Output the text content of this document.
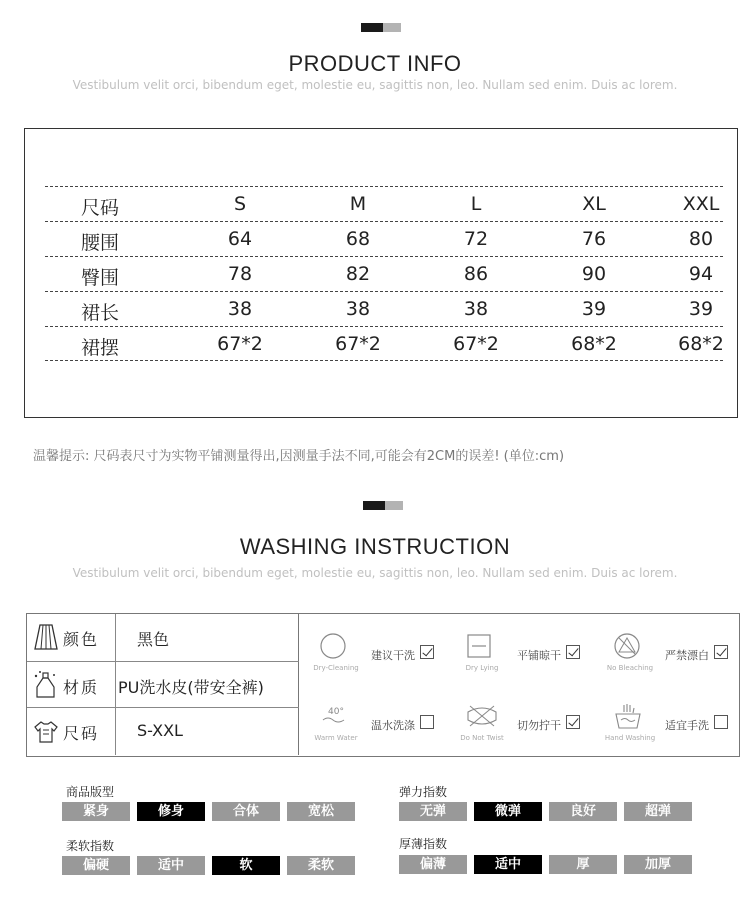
PRODUCT INFO
Vestibulum velit orci, bibendum eget, molestie eu, sagittis non, leo. Nullam sed enim. Duis ac lorem.
尺码	S	M	L	XL	XXL
腰围	64	68	72	76	80
臀围	78	82	86	90	94
裙长	38	38	38	39	39
裙摆	67*2	67*2	67*2	68*2	68*2
温馨提示: 尺码表尺寸为实物平铺测量得出,因测量手法不同,可能会有2CM的误差! (单位:cm)
WASHING INSTRUCTION
Vestibulum velit orci, bibendum eget, molestie eu, sagittis non, leo. Nullam sed enim. Duis ac lorem.
颜色	黑色
材质	PU洗水皮(带安全裤)
尺码	S-XXL
Dry-Cleaning
建议干洗
Dry Lying
平铺晾干
No Bleaching
严禁漂白
40°
Warm Water
温水洗涤
Do Not Twist
切勿拧干
Hand Washing
适宜手洗
商品版型
紧身	修身	合体	宽松
弹力指数
无弹	微弹	良好	超弹
柔软指数
偏硬	适中	软	柔软
厚薄指数
偏薄	适中	厚	加厚
